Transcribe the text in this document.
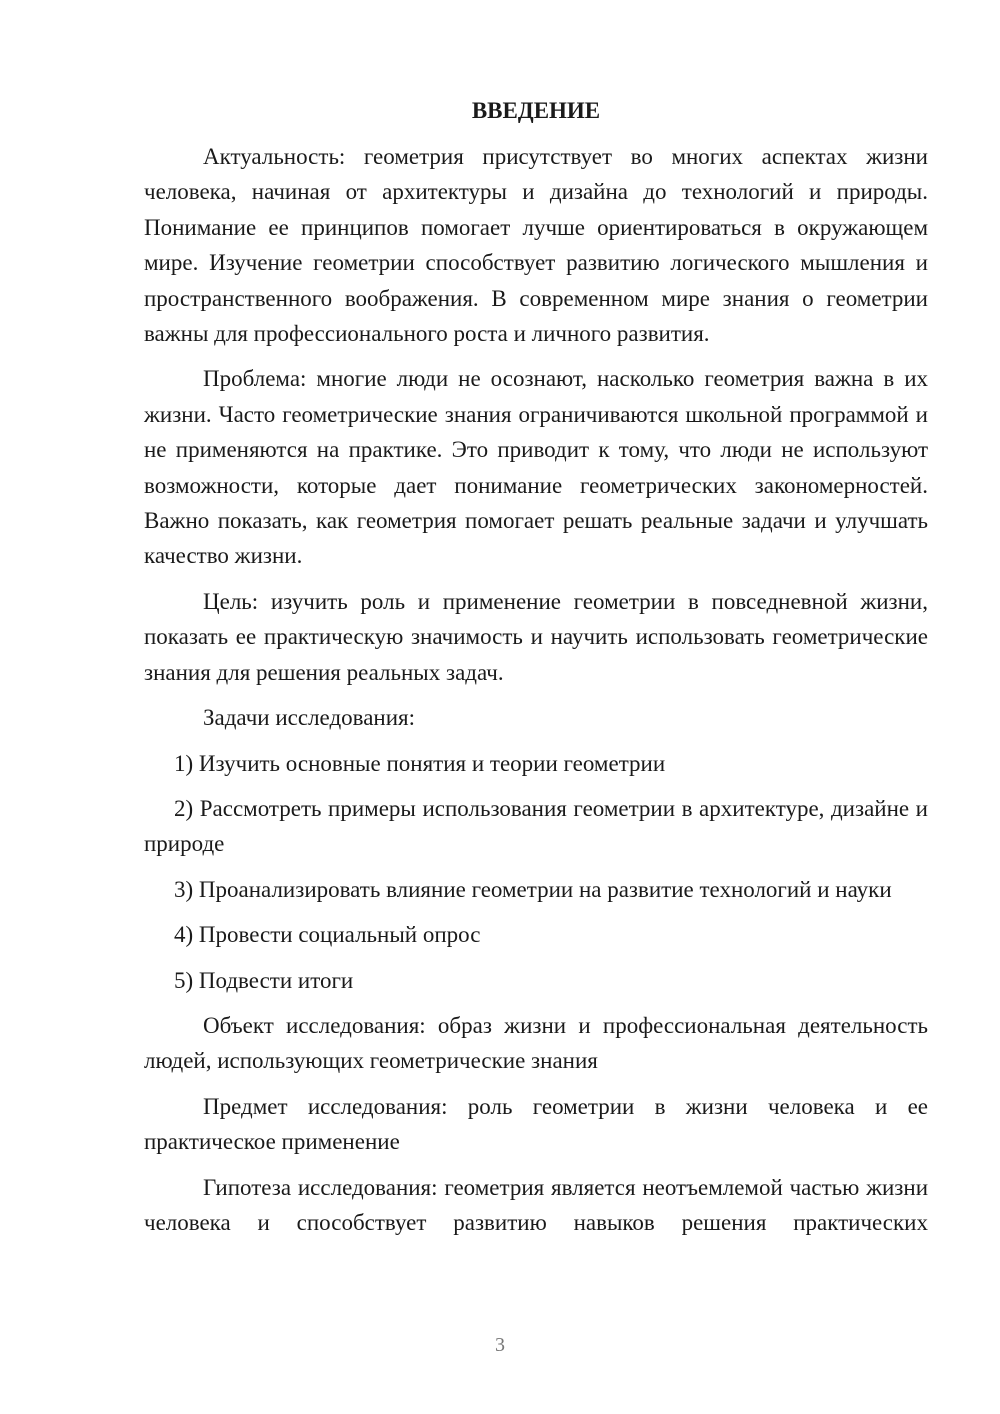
ВВЕДЕНИЕ

Актуальность: геометрия присутствует во многих аспектах жизни человека, начиная от архитектуры и дизайна до технологий и природы. Понимание ее принципов помогает лучше ориентироваться в окружающем мире. Изучение геометрии способствует развитию логического мышления и пространственного воображения. В современном мире знания о геометрии важны для профессионального роста и личного развития.

Проблема: многие люди не осознают, насколько геометрия важна в их жизни. Часто геометрические знания ограничиваются школьной программой и не применяются на практике. Это приводит к тому, что люди не используют возможности, которые дает понимание геометрических закономерностей. Важно показать, как геометрия помогает решать реальные задачи и улучшать качество жизни.

Цель: изучить роль и применение геометрии в повседневной жизни, показать ее практическую значимость и научить использовать геометрические знания для решения реальных задач.

Задачи исследования:

1) Изучить основные понятия и теории геометрии

2) Рассмотреть примеры использования геометрии в архитектуре, дизайне и природе

3) Проанализировать влияние геометрии на развитие технологий и науки

4) Провести социальный опрос

5) Подвести итоги

Объект исследования: образ жизни и профессиональная деятельность людей, использующих геометрические знания

Предмет исследования: роль геометрии в жизни человека и ее практическое применение

Гипотеза исследования: геометрия является неотъемлемой частью жизни человека и способствует развитию навыков решения практических

3
